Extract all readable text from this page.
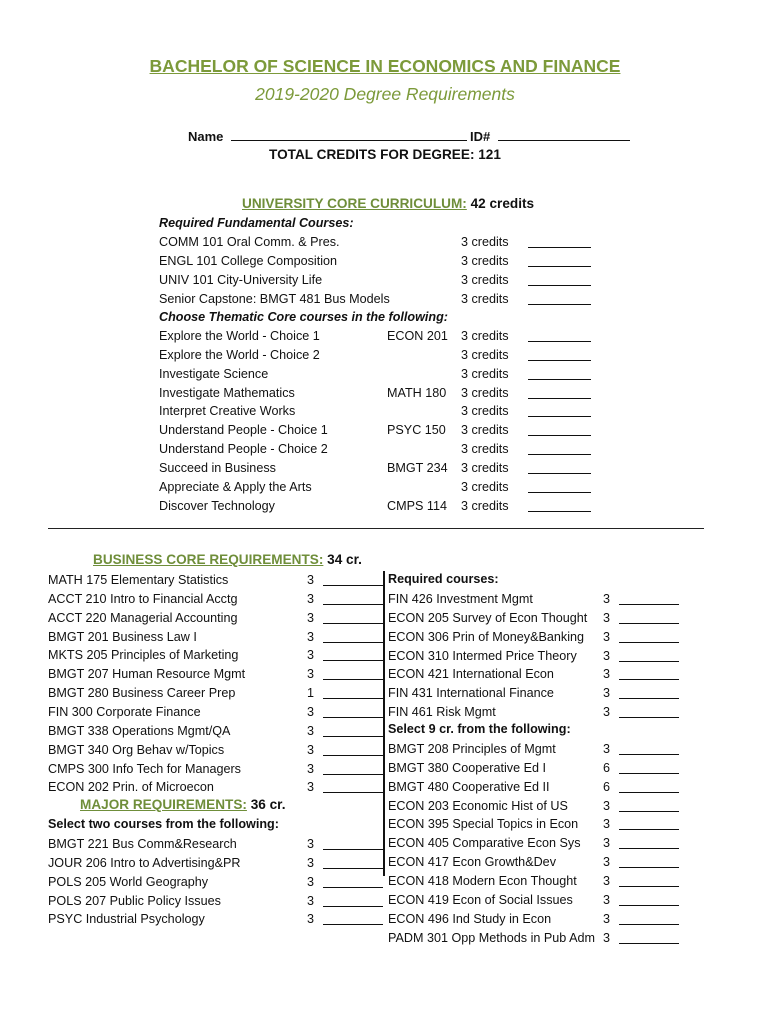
BACHELOR OF SCIENCE IN ECONOMICS AND FINANCE
2019-2020 Degree Requirements
Name	ID#
TOTAL CREDITS FOR DEGREE: 121
UNIVERSITY CORE CURRICULUM: 42 credits
Required Fundamental Courses:
COMM 101 Oral Comm. & Pres.	3 credits
ENGL 101 College Composition	3 credits
UNIV 101 City-University Life	3 credits
Senior Capstone: BMGT 481 Bus Models	3 credits
Choose Thematic Core courses in the following:
Explore the World - Choice 1	ECON 201 3 credits
Explore the World - Choice 2	3 credits
Investigate Science	3 credits
Investigate Mathematics	MATH 180 3 credits
Interpret Creative Works	3 credits
Understand People - Choice 1	PSYC 150 3 credits
Understand People - Choice 2	3 credits
Succeed in Business	BMGT 234 3 credits
Appreciate & Apply the Arts	3 credits
Discover Technology	CMPS 114 3 credits
BUSINESS CORE REQUIREMENTS: 34 cr.
MATH 175 Elementary Statistics	3
ACCT 210 Intro to Financial Acctg	3
ACCT 220 Managerial Accounting	3
BMGT 201 Business Law I	3
MKTS 205 Principles of Marketing	3
BMGT 207 Human Resource Mgmt	3
BMGT 280 Business Career Prep	1
FIN 300 Corporate Finance	3
BMGT 338 Operations Mgmt/QA	3
BMGT 340 Org Behav w/Topics	3
CMPS 300 Info Tech for Managers	3
ECON 202 Prin. of Microecon	3
MAJOR REQUIREMENTS: 36 cr.
Select two courses from the following:
BMGT 221 Bus Comm&Research	3
JOUR 206 Intro to Advertising&PR	3
POLS 205 World Geography	3
POLS 207 Public Policy Issues	3
PSYC Industrial Psychology	3
Required courses:
FIN 426 Investment Mgmt	3
ECON 205 Survey of Econ Thought 3
ECON 306 Prin of Money&Banking 3
ECON 310 Intermed Price Theory 3
ECON 421 International Econ	3
FIN 431 International Finance	3
FIN 461 Risk Mgmt	3
Select 9 cr. from the following:
BMGT 208 Principles of Mgmt	3
BMGT 380 Cooperative Ed I	6
BMGT 480 Cooperative Ed II	6
ECON 203 Economic Hist of US	3
ECON 395 Special Topics in Econ 3
ECON 405 Comparative Econ Sys 3
ECON 417 Econ Growth&Dev	3
ECON 418 Modern Econ Thought 3
ECON 419 Econ of Social Issues 3
ECON 496 Ind Study in Econ	3
PADM 301 Opp Methods in Pub Adm 3
